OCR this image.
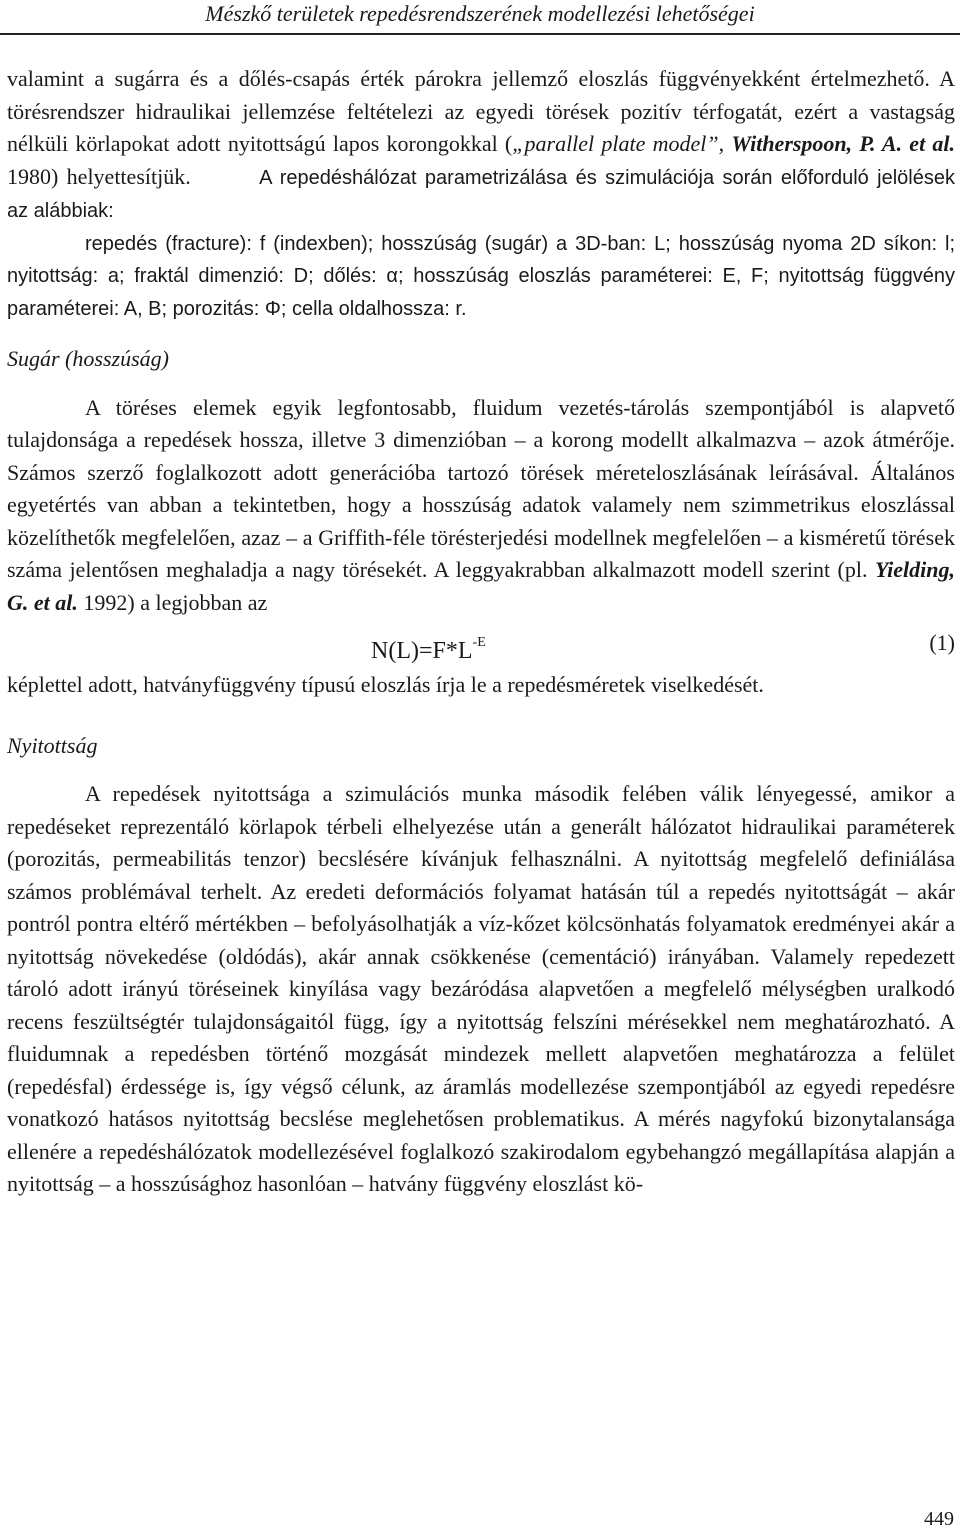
Mészkő területek repedésrendszerének modellezési lehetőségei

valamint a sugárra és a dőlés-csapás érték párokra jellemző eloszlás függvényekként értelmezhető. A törésrendszer hidraulikai jellemzése feltételezi az egyedi törések pozitív térfogatát, ezért a vastagság nélküli körlapokat adott nyitottságú lapos korongokkal („parallel plate model”, Witherspoon, P. A. et al. 1980) helyettesítjük.	A repedéshálózat parametrizálása és szimulációja során előforduló jelölések az alábbiak:

repedés (fracture): f (indexben); hosszúság (sugár) a 3D-ban: L; hosszúság nyoma 2D síkon: l; nyitottság: a; fraktál dimenzió: D; dőlés: α; hosszúság eloszlás paraméterei: E, F; nyitottság függvény paraméterei: A, B; porozitás: Φ; cella oldalhossza: r.

Sugár (hosszúság)

A töréses elemek egyik legfontosabb, fluidum vezetés-tárolás szempontjából is alapvető tulajdonsága a repedések hossza, illetve 3 dimenzióban – a korong modellt alkalmazva – azok átmérője. Számos szerző foglalkozott adott generációba tartozó törések méreteloszlásának leírásával. Általános egyetértés van abban a tekintetben, hogy a hosszúság adatok valamely nem szimmetrikus eloszlással közelíthetők megfelelően, azaz – a Griffith-féle törésterjedési modellnek megfelelően – a kisméretű törések száma jelentősen meghaladja a nagy törésekét. A leggyakrabban alkalmazott modell szerint (pl. Yielding, G. et al. 1992) a legjobban az

$N(L)=F*L^{-E}$	(1)

képlettel adott, hatványfüggvény típusú eloszlás írja le a repedésméretek viselkedését.

Nyitottság

A repedések nyitottsága a szimulációs munka második felében válik lényegessé, amikor a repedéseket reprezentáló körlapok térbeli elhelyezése után a generált hálózatot hidraulikai paraméterek (porozitás, permeabilitás tenzor) becslésére kívánjuk felhasználni. A nyitottság megfelelő definiálása számos problémával terhelt. Az eredeti deformációs folyamat hatásán túl a repedés nyitottságát – akár pontról pontra eltérő mértékben – befolyásolhatják a víz-kőzet kölcsönhatás folyamatok eredményei akár a nyitottság növekedése (oldódás), akár annak csökkenése (cementáció) irányában. Valamely repedezett tároló adott irányú töréseinek kinyílása vagy bezáródása alapvetően a megfelelő mélységben uralkodó recens feszültségtér tulajdonságaitól függ, így a nyitottság felszíni mérésekkel nem meghatározható. A fluidumnak a repedésben történő mozgását mindezek mellett alapvetően meghatározza a felület (repedésfal) érdessége is, így végső célunk, az áramlás modellezése szempontjából az egyedi repedésre vonatkozó hatásos nyitottság becslése meglehetősen problematikus. A mérés nagyfokú bizonytalansága ellenére a repedéshálózatok modellezésével foglalkozó szakirodalom egybehangzó megállapítása alapján a nyitottság – a hosszúsághoz hasonlóan – hatvány függvény eloszlást kö-

449
